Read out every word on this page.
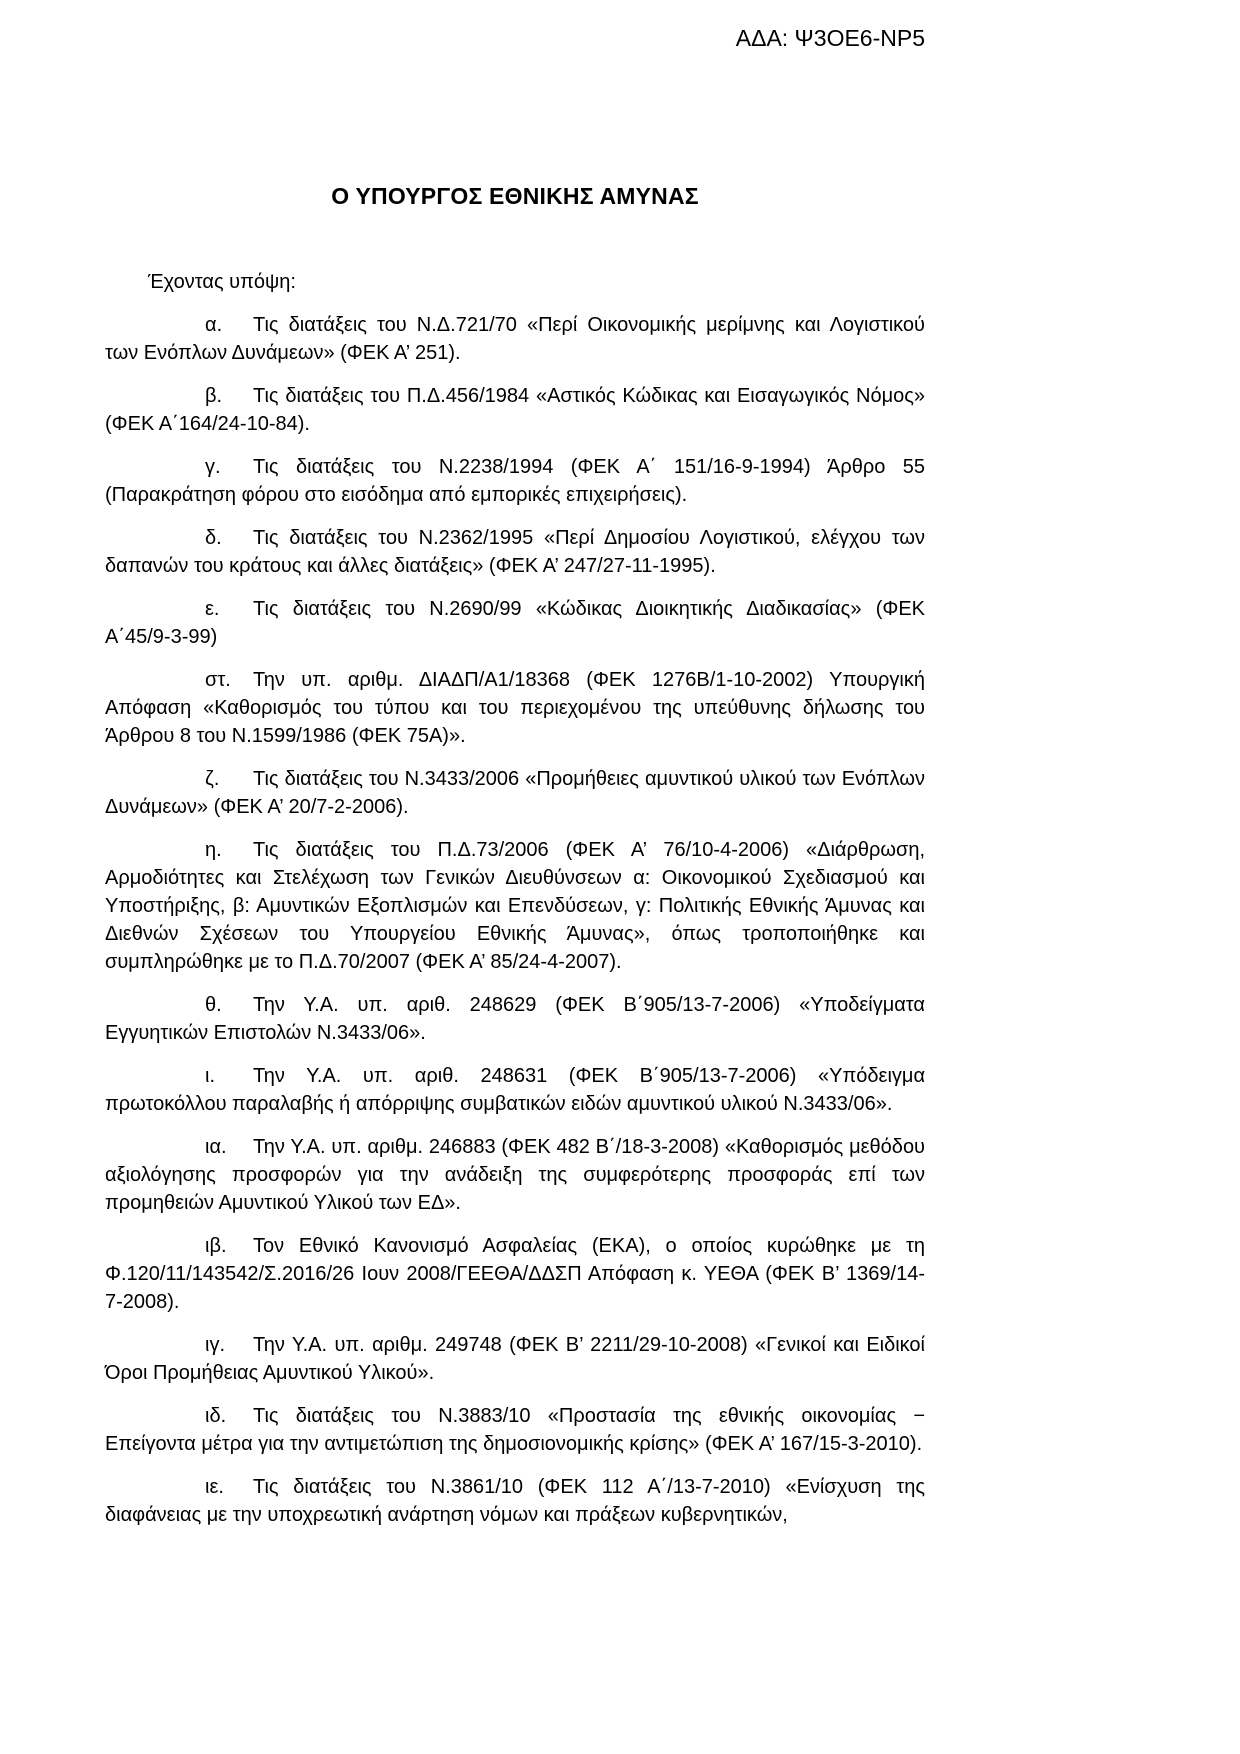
ΑΔΑ: Ψ3ΟΕ6-ΝΡ5
Ο ΥΠΟΥΡΓΟΣ ΕΘΝΙΚΗΣ ΑΜΥΝΑΣ
Έχοντας υπόψη:

α. Τις διατάξεις του Ν.Δ.721/70 «Περί Οικονομικής μερίμνης και Λογιστικού των Ενόπλων Δυνάμεων» (ΦΕΚ Α’ 251).

β. Τις διατάξεις του Π.Δ.456/1984 «Αστικός Κώδικας και Εισαγωγικός Νόμος» (ΦΕΚ Α΄164/24-10-84).

γ. Τις διατάξεις του Ν.2238/1994 (ΦΕΚ Α΄ 151/16-9-1994) Άρθρο 55 (Παρακράτηση φόρου στο εισόδημα από εμπορικές επιχειρήσεις).

δ. Τις διατάξεις του Ν.2362/1995 «Περί Δημοσίου Λογιστικού, ελέγχου των δαπανών του κράτους και άλλες διατάξεις» (ΦΕΚ Α’ 247/27-11-1995).

ε. Τις διατάξεις του Ν.2690/99 «Κώδικας Διοικητικής Διαδικασίας» (ΦΕΚ Α΄45/9-3-99)

στ. Την υπ. αριθμ. ΔΙΑΔΠ/Α1/18368 (ΦΕΚ 1276Β/1-10-2002) Υπουργική Απόφαση «Καθορισμός του τύπου και του περιεχομένου της υπεύθυνης δήλωσης του Άρθρου 8 του Ν.1599/1986 (ΦΕΚ 75Α)».

ζ. Τις διατάξεις του Ν.3433/2006 «Προμήθειες αμυντικού υλικού των Ενόπλων Δυνάμεων» (ΦΕΚ Α’ 20/7-2-2006).

η. Τις διατάξεις του Π.Δ.73/2006 (ΦΕΚ Α’ 76/10-4-2006) «Διάρθρωση, Αρμοδιότητες και Στελέχωση των Γενικών Διευθύνσεων α: Οικονομικού Σχεδιασμού και Υποστήριξης, β: Αμυντικών Εξοπλισμών και Επενδύσεων, γ: Πολιτικής Εθνικής Άμυνας και Διεθνών Σχέσεων του Υπουργείου Εθνικής Άμυνας», όπως τροποποιήθηκε και συμπληρώθηκε με το Π.Δ.70/2007 (ΦΕΚ Α’ 85/24-4-2007).

θ. Την Υ.Α. υπ. αριθ. 248629 (ΦΕΚ Β΄905/13-7-2006) «Υποδείγματα Εγγυητικών Επιστολών Ν.3433/06».

ι. Την Υ.Α. υπ. αριθ. 248631 (ΦΕΚ Β΄905/13-7-2006) «Υπόδειγμα πρωτοκόλλου παραλαβής ή απόρριψης συμβατικών ειδών αμυντικού υλικού Ν.3433/06».

ια. Την Υ.Α. υπ. αριθμ. 246883 (ΦΕΚ 482 Β΄/18-3-2008) «Καθορισμός μεθόδου αξιολόγησης προσφορών για την ανάδειξη της συμφερότερης προσφοράς επί των προμηθειών Αμυντικού Υλικού των ΕΔ».

ιβ. Τον Εθνικό Κανονισμό Ασφαλείας (ΕΚΑ), ο οποίος κυρώθηκε με τη Φ.120/11/143542/Σ.2016/26 Ιουν 2008/ΓΕΕΘΑ/ΔΔΣΠ Απόφαση κ. ΥΕΘΑ (ΦΕΚ Β’ 1369/14-7-2008).

ιγ. Την Υ.Α. υπ. αριθμ. 249748 (ΦΕΚ Β’ 2211/29-10-2008) «Γενικοί και Ειδικοί Όροι Προμήθειας Αμυντικού Υλικού».

ιδ. Τις διατάξεις του Ν.3883/10 «Προστασία της εθνικής οικονομίας − Επείγοντα μέτρα για την αντιμετώπιση της δημοσιονομικής κρίσης» (ΦΕΚ Α’ 167/15-3-2010).

ιε. Τις διατάξεις του Ν.3861/10 (ΦΕΚ 112 Α΄/13-7-2010) «Ενίσχυση της διαφάνειας με την υποχρεωτική ανάρτηση νόμων και πράξεων κυβερνητικών,
